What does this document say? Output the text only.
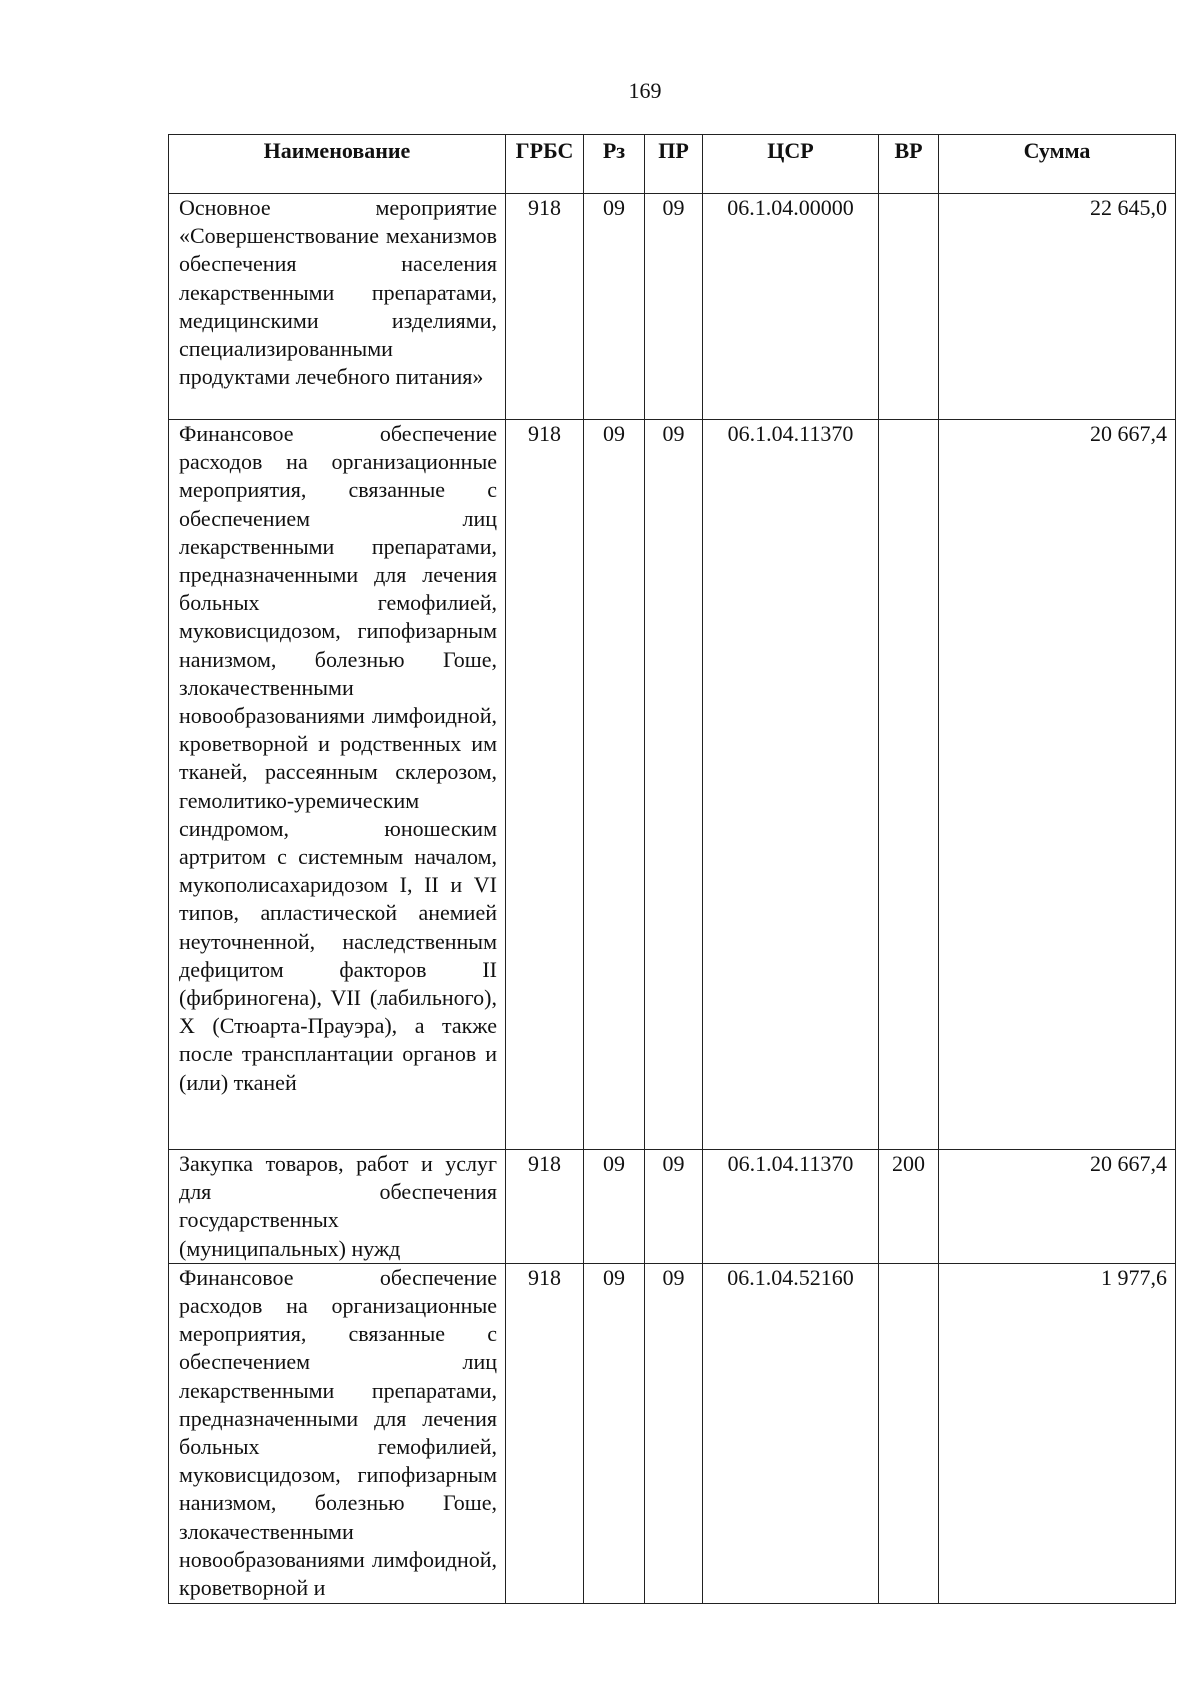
169
Наименование	ГРБС	Рз	ПР	ЦСР	ВР	Сумма
Основное мероприятие «Совершенствование механизмов обеспечения населения лекарственными препаратами, медицинскими изделиями, специализированными продуктами лечебного питания»	918	09	09	06.1.04.00000		22 645,0
Финансовое обеспечение расходов на организационные мероприятия, связанные с обеспечением лиц лекарственными препаратами, предназначенными для лечения больных гемофилией, муковисцидозом, гипофизарным нанизмом, болезнью Гоше, злокачественными новообразованиями лимфоидной, кроветворной и родственных им тканей, рассеянным склерозом, гемолитико-уремическим синдромом, юношеским артритом с системным началом, мукополисахаридозом I, II и VI типов, апластической анемией неуточненной, наследственным дефицитом факторов II (фибриногена), VII (лабильного), X (Стюарта-Прауэра), а также после трансплантации органов и (или) тканей	918	09	09	06.1.04.11370		20 667,4
Закупка товаров, работ и услуг для обеспечения государственных (муниципальных) нужд	918	09	09	06.1.04.11370	200	20 667,4
Финансовое обеспечение расходов на организационные мероприятия, связанные с обеспечением лиц лекарственными препаратами, предназначенными для лечения больных гемофилией, муковисцидозом, гипофизарным нанизмом, болезнью Гоше, злокачественными новообразованиями лимфоидной, кроветворной и	918	09	09	06.1.04.52160		1 977,6
